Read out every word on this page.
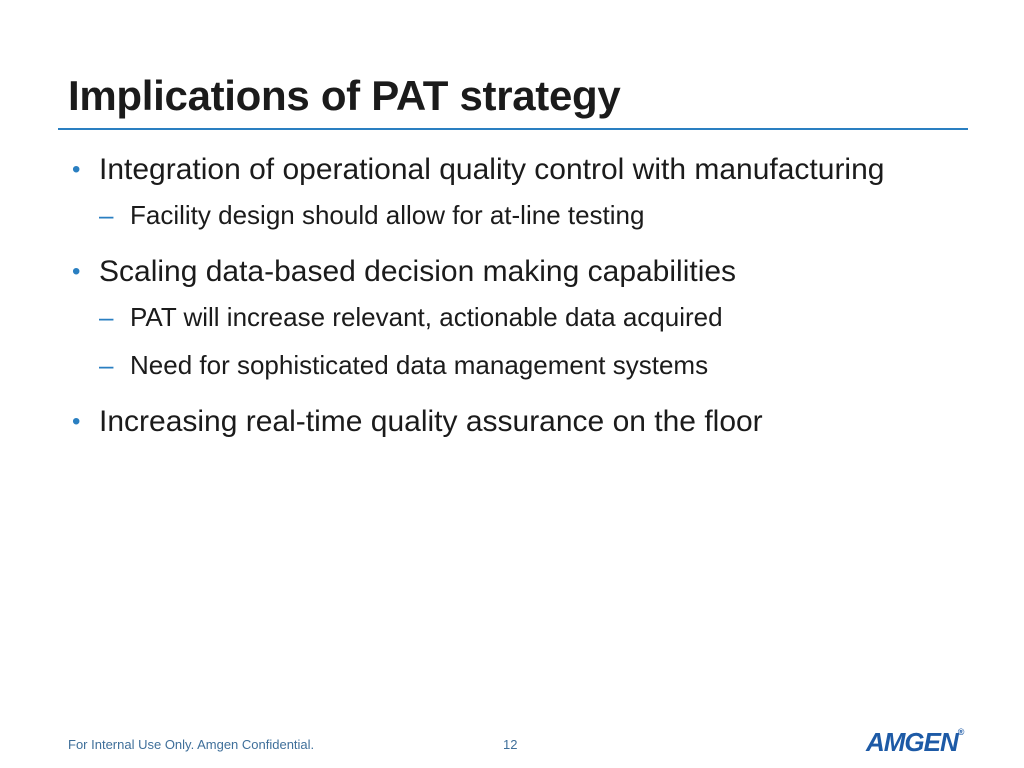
Implications of PAT strategy
• Integration of operational quality control with manufacturing
– Facility design should allow for at-line testing
• Scaling data-based decision making capabilities
– PAT will increase relevant, actionable data acquired
– Need for sophisticated data management systems
• Increasing real-time quality assurance on the floor
For Internal Use Only. Amgen Confidential.	12	AMGEN®
